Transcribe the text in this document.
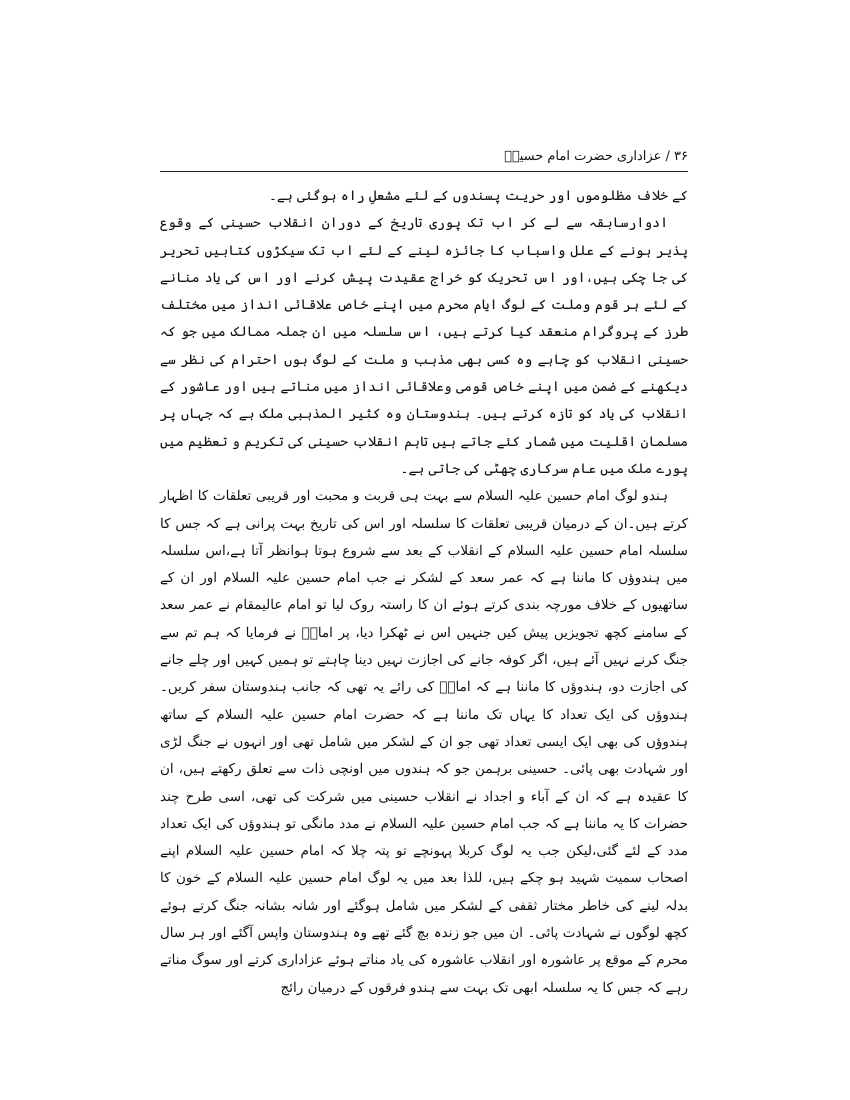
۳۶ / عزاداری حضرت امام حسینؑ

کے خلاف مظلوموں اور حریت پسندوں کے لئے مشعلِ راہ ہوگئی ہے۔

ادوارسابقہ سے لے کر اب تک پوری تاریخ کے دوران انقلاب حسینی کے وقوع پذیر ہونے کے علل واسباب کا جائزہ لینے کے لئے اب تک سیکڑوں کتابیں تحریر کی جا چکی ہیں،اور اس تحریک کو خراج عقیدت پیش کرنے اور اس کی یاد منانے کے لئے ہر قوم وملت کے لوگ ایام محرم میں اپنے خاص علاقائی انداز میں مختلف طرز کے پروگرام منعقد کیا کرتے ہیں، اس سلسلہ میں ان جملہ ممالک میں جو کہ حسینی انقلاب کو چاہے وہ کسی بھی مذہب و ملت کے لوگ ہوں احترام کی نظر سے دیکھنے کے ضمن میں اپنے خاص قومی وعلاقائی انداز میں مناتے ہیں اور عاشور کے انقلاب کی یاد کو تازہ کرتے ہیں۔ ہندوستان وہ کثیر المذہبی ملک ہے کہ جہاں پر مسلمان اقلیت میں شمار کئے جاتے ہیں تاہم انقلاب حسینی کی تکریم و تعظیم میں پورے ملک میں عام سرکاری چھٹی کی جاتی ہے۔

ہندو لوگ امام حسین علیہ السلام سے بہت ہی قربت و محبت اور قریبی تعلقات کا اظہار کرتے ہیں۔ان کے درمیان قریبی تعلقات کا سلسلہ اور اس کی تاریخ بہت پرانی ہے کہ جس کا سلسلہ امام حسین علیہ السلام کے انقلاب کے بعد سے شروع ہوتا ہوانظر آتا ہے،اس سلسلہ میں ہندوؤں کا ماننا ہے کہ عمر سعد کے لشکر نے جب امام حسین علیہ السلام اور ان کے ساتھیوں کے خلاف مورچہ بندی کرتے ہوئے ان کا راستہ روک لیا تو امام عالیمقام نے عمر سعد کے سامنے کچھ تجویزیں پیش کیں جنہیں اس نے ٹھکرا دیا، پر امامؑ نے فرمایا کہ ہم تم سے جنگ کرنے نہیں آئے ہیں، اگر کوفہ جانے کی اجازت نہیں دینا چاہتے تو ہمیں کہیں اور چلے جانے کی اجازت دو، ہندوؤں کا ماننا ہے کہ امامؑ کی رائے یہ تھی کہ جانب ہندوستان سفر کریں۔ہندوؤں کی ایک تعداد کا یہاں تک ماننا ہے کہ حضرت امام حسین علیہ السلام کے ساتھ ہندوؤں کی بھی ایک ایسی تعداد تھی جو ان کے لشکر میں شامل تھی اور انہوں نے جنگ لڑی اور شہادت بھی پائی۔ حسینی برہمن جو کہ ہندوں میں اونچی ذات سے تعلق رکھتے ہیں، ان کا عقیدہ ہے کہ ان کے آباء و اجداد نے انقلاب حسینی میں شرکت کی تھی، اسی طرح چند حضرات کا یہ ماننا ہے کہ جب امام حسین علیہ السلام نے مدد مانگی تو ہندوؤں کی ایک تعداد مدد کے لئے گئی،لیکن جب یہ لوگ کربلا پہونچے تو پتہ چلا کہ امام حسین علیہ السلام اپنے اصحاب سمیت شہید ہو چکے ہیں، للذا بعد میں یہ لوگ امام حسین علیہ السلام کے خون کا بدلہ لینے کی خاطر مختار ثقفی کے لشکر میں شامل ہوگئے اور شانہ بشانہ جنگ کرتے ہوئے کچھ لوگوں نے شہادت پائی۔ ان میں جو زندہ بچ گئے تھے وہ ہندوستان واپس آگئے اور ہر سال محرم کے موقع پر عاشورہ اور انقلاب عاشورہ کی یاد مناتے ہوئے عزاداری کرتے اور سوگ مناتے رہے کہ جس کا یہ سلسلہ ابھی تک بہت سے ہندو فرقوں کے درمیان رائج
